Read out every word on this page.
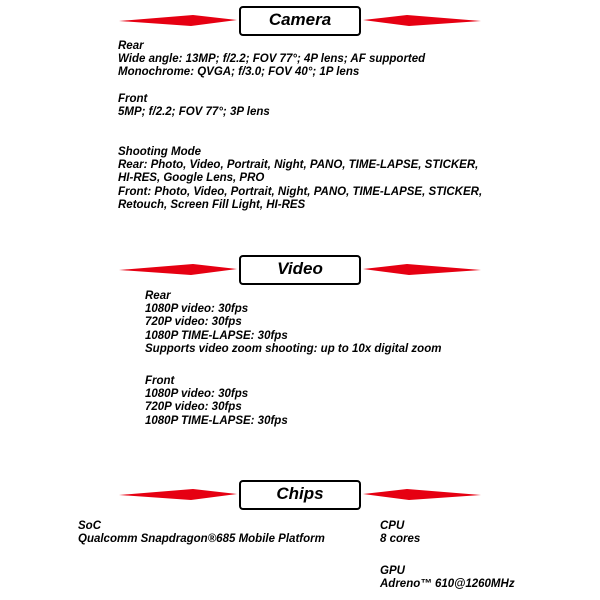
Camera
Rear
Wide angle: 13MP; f/2.2; FOV 77°; 4P lens; AF supported
Monochrome: QVGA; f/3.0; FOV 40°; 1P lens
Front
5MP; f/2.2; FOV 77°; 3P lens
Shooting Mode
Rear: Photo, Video, Portrait, Night, PANO, TIME-LAPSE, STICKER,
HI-RES, Google Lens, PRO
Front: Photo, Video, Portrait, Night, PANO, TIME-LAPSE, STICKER,
Retouch, Screen Fill Light, HI-RES
Video
Rear
1080P video: 30fps
720P video: 30fps
1080P TIME-LAPSE: 30fps
Supports video zoom shooting: up to 10x digital zoom
Front
1080P video: 30fps
720P video: 30fps
1080P TIME-LAPSE: 30fps
Chips
SoC
Qualcomm Snapdragon®685 Mobile Platform
CPU
8 cores
GPU
Adreno™ 610@1260MHz
